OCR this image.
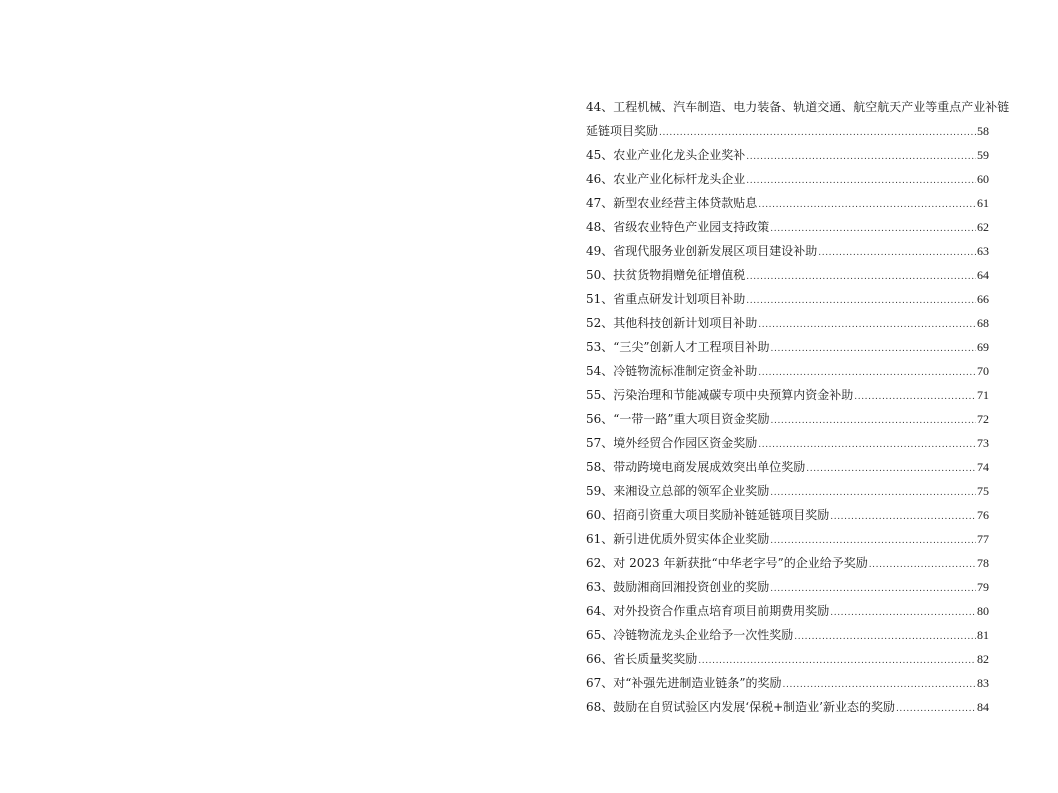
44、工程机械、汽车制造、电力装备、轨道交通、航空航天产业等重点产业补链
延链项目奖励 .....	58
45、农业产业化龙头企业奖补 .....	59
46、农业产业化标杆龙头企业 .....	60
47、新型农业经营主体贷款贴息 .....	61
48、省级农业特色产业园支持政策 .....	62
49、省现代服务业创新发展区项目建设补助 .....	63
50、扶贫货物捐赠免征增值税 .....	64
51、省重点研发计划项目补助 .....	66
52、其他科技创新计划项目补助 .....	68
53、“三尖”创新人才工程项目补助 .....	69
54、冷链物流标准制定资金补助 .....	70
55、污染治理和节能减碳专项中央预算内资金补助 .....	71
56、“一带一路”重大项目资金奖励 .....	72
57、境外经贸合作园区资金奖励 .....	73
58、带动跨境电商发展成效突出单位奖励 .....	74
59、来湘设立总部的领军企业奖励 .....	75
60、招商引资重大项目奖励补链延链项目奖励 .....	76
61、新引进优质外贸实体企业奖励 .....	77
62、对 2023 年新获批“中华老字号”的企业给予奖励 .....	78
63、鼓励湘商回湘投资创业的奖励 .....	79
64、对外投资合作重点培育项目前期费用奖励 .....	80
65、冷链物流龙头企业给予一次性奖励 .....	81
66、省长质量奖奖励 .....	82
67、对“补强先进制造业链条”的奖励 .....	83
68、鼓励在自贸试验区内发展‘保税+制造业’新业态的奖励 .....	84
